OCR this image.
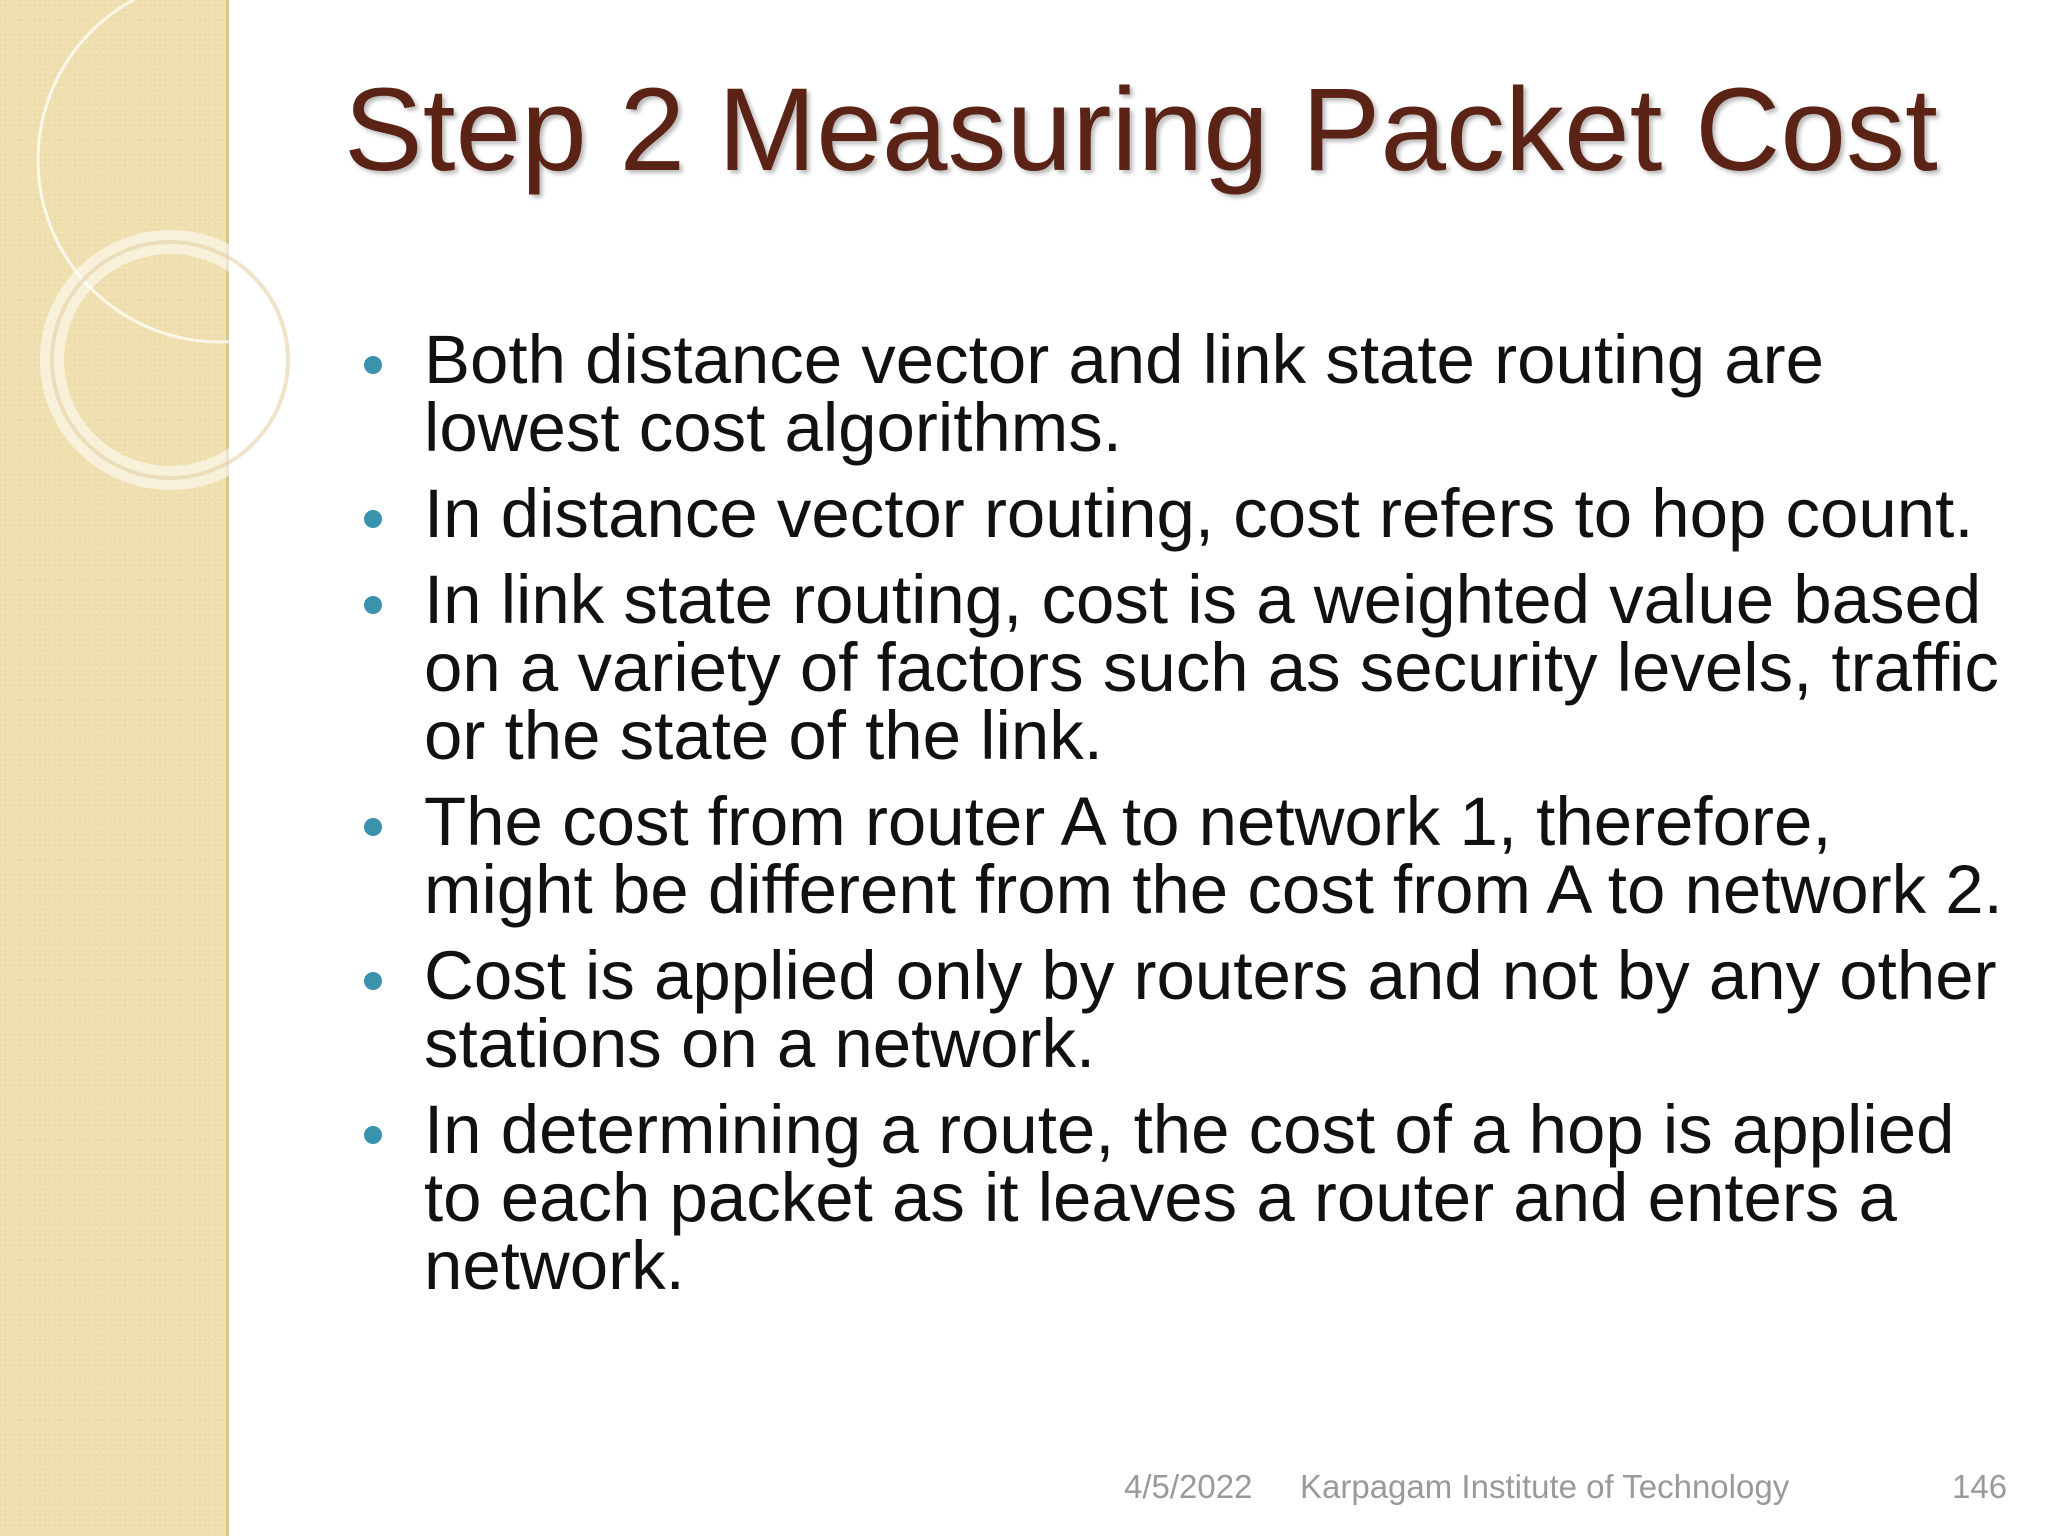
Step 2 Measuring Packet Cost
Both distance vector and link state routing are lowest cost algorithms.
In distance vector routing, cost refers to hop count.
In link state routing, cost is a weighted value based on a variety of factors such as security levels, traffic or the state of the link.
The cost from router A to network 1, therefore, might be different from the cost from A to network 2.
Cost is applied only by routers and not by any other stations on a network.
In determining a route, the cost of a hop is applied to each packet as it leaves a router and enters a network.
4/5/2022 Karpagam Institute of Technology	146
